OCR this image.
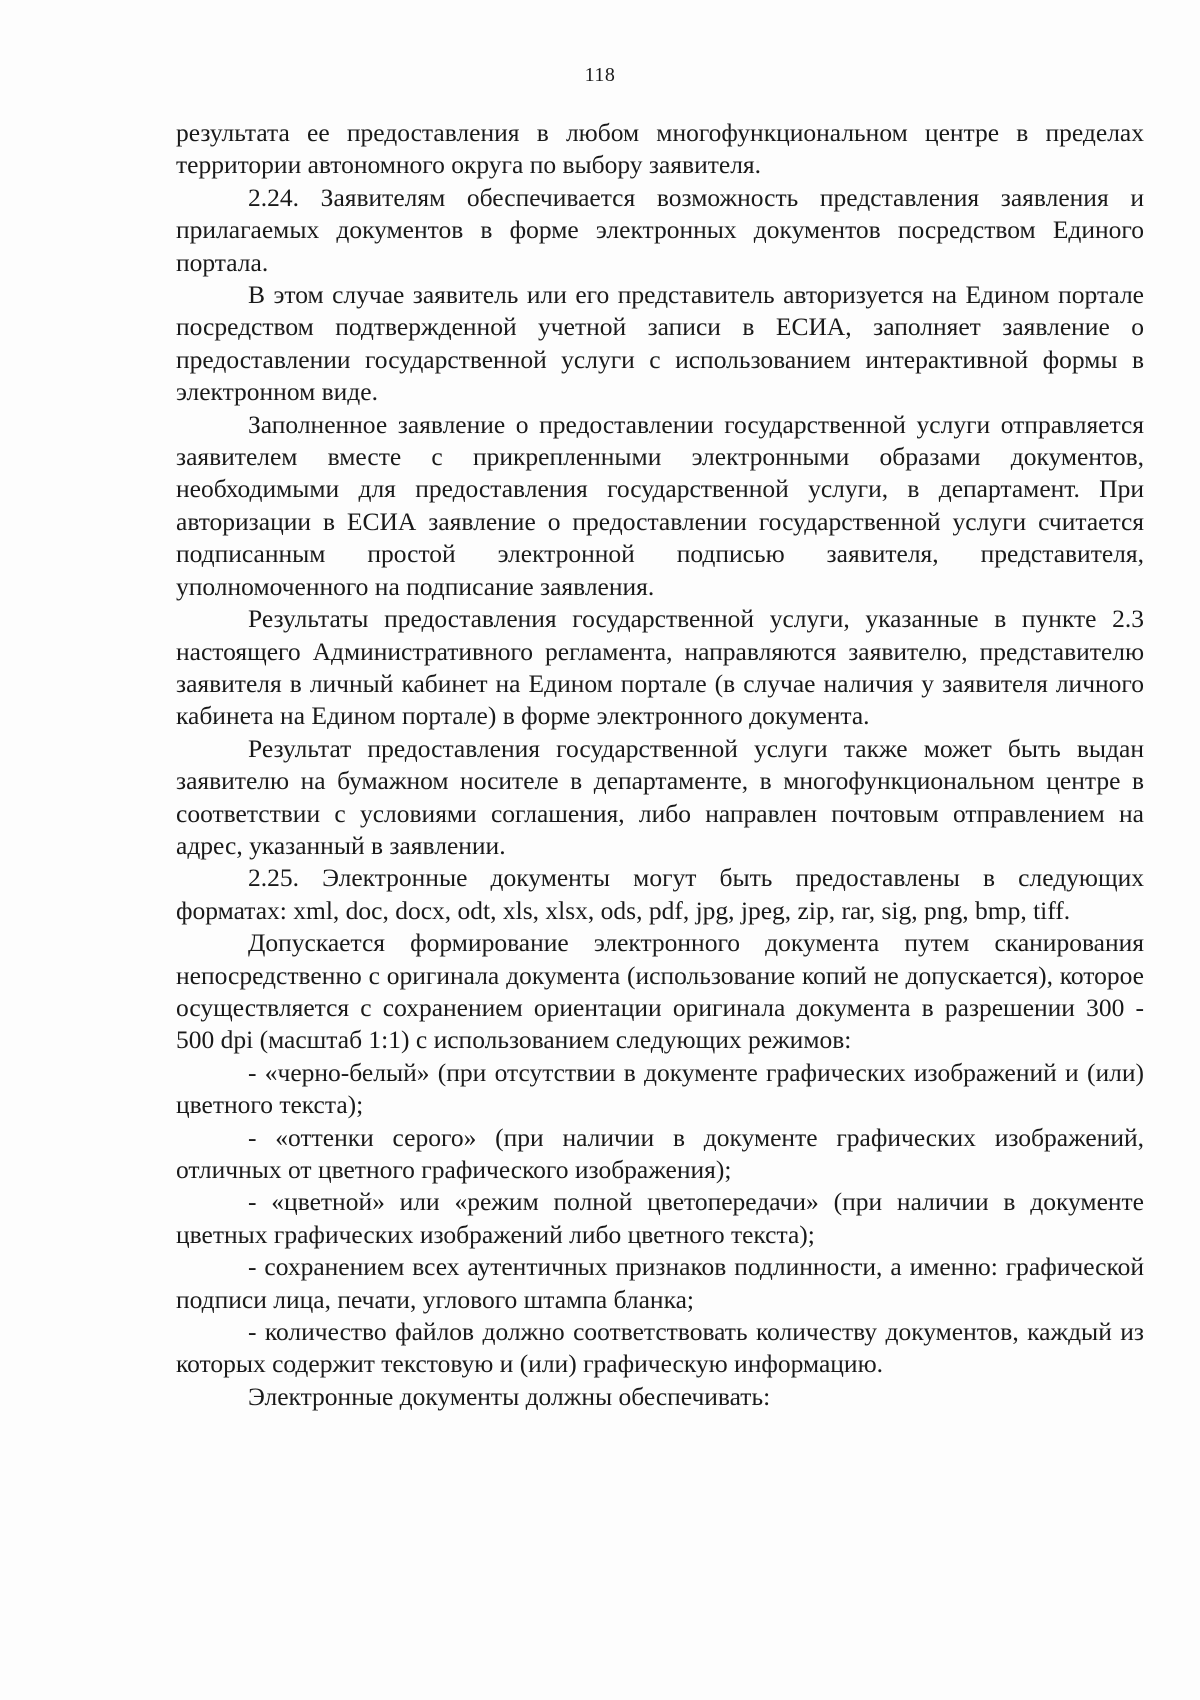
118

результата ее предоставления в любом многофункциональном центре в пределах территории автономного округа по выбору заявителя.

2.24. Заявителям обеспечивается возможность представления заявления и прилагаемых документов в форме электронных документов посредством Единого портала.

В этом случае заявитель или его представитель авторизуется на Едином портале посредством подтвержденной учетной записи в ЕСИА, заполняет заявление о предоставлении государственной услуги с использованием интерактивной формы в электронном виде.

Заполненное заявление о предоставлении государственной услуги отправляется заявителем вместе с прикрепленными электронными образами документов, необходимыми для предоставления государственной услуги, в департамент. При авторизации в ЕСИА заявление о предоставлении государственной услуги считается подписанным простой электронной подписью заявителя, представителя, уполномоченного на подписание заявления.

Результаты предоставления государственной услуги, указанные в пункте 2.3 настоящего Административного регламента, направляются заявителю, представителю заявителя в личный кабинет на Едином портале (в случае наличия у заявителя личного кабинета на Едином портале) в форме электронного документа.

Результат предоставления государственной услуги также может быть выдан заявителю на бумажном носителе в департаменте, в многофункциональном центре в соответствии с условиями соглашения, либо направлен почтовым отправлением на адрес, указанный в заявлении.

2.25. Электронные документы могут быть предоставлены в следующих форматах: xml, doc, docx, odt, xls, xlsx, ods, pdf, jpg, jpeg, zip, rar, sig, png, bmp, tiff.

Допускается формирование электронного документа путем сканирования непосредственно с оригинала документа (использование копий не допускается), которое осуществляется с сохранением ориентации оригинала документа в разрешении 300 - 500 dpi (масштаб 1:1) с использованием следующих режимов:

- «черно-белый» (при отсутствии в документе графических изображений и (или) цветного текста);

- «оттенки серого» (при наличии в документе графических изображений, отличных от цветного графического изображения);

- «цветной» или «режим полной цветопередачи» (при наличии в документе цветных графических изображений либо цветного текста);

- сохранением всех аутентичных признаков подлинности, а именно: графической подписи лица, печати, углового штампа бланка;

- количество файлов должно соответствовать количеству документов, каждый из которых содержит текстовую и (или) графическую информацию.

Электронные документы должны обеспечивать:
